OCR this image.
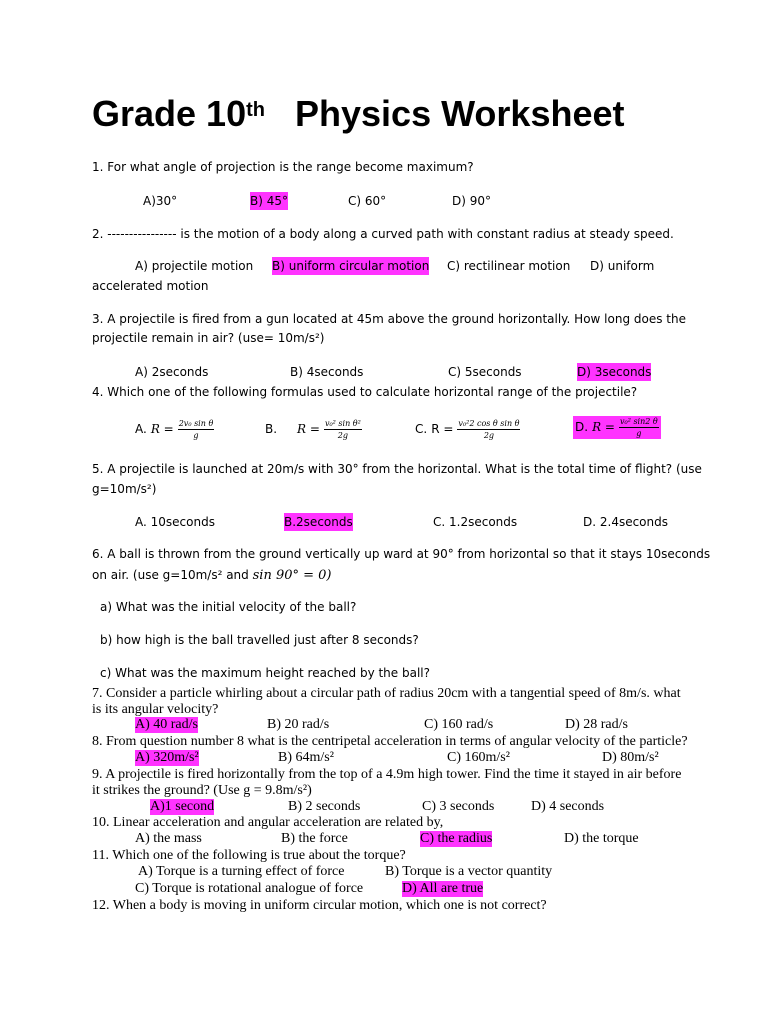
Grade 10th Physics Worksheet
1. For what angle of projection is the range become maximum?
A)30°	B) 45°	C) 60°	D) 90°
2. ---------------- is the motion of a body along a curved path with constant radius at steady speed.
A) projectile motion B) uniform circular motion C) rectilinear motion D) uniform
accelerated motion
3. A projectile is fired from a gun located at 45m above the ground horizontally. How long does the
projectile remain in air? (use= 10m/s²)
A) 2seconds	B) 4seconds	C) 5seconds	D) 3seconds
4. Which one of the following formulas used to calculate horizontal range of the projectile?
A. $R = \frac{\text{2v₀ sin θ}}{g}$	B. $R = \frac{\text{v₀² sin θ²}}{2g}$	C. $R = \frac{\text{v₀²2 cos θ sin θ}}{2g}$	D. $R = \frac{\text{v₀² sin2 θ}}{g}$
5. A projectile is launched at 20m/s with 30° from the horizontal. What is the total time of flight? (use
g=10m/s²)
A. 10seconds	B.2seconds	C. 1.2seconds	D. 2.4seconds
6. A ball is thrown from the ground vertically up ward at 90° from horizontal so that it stays 10seconds
on air. (use g=10m/s² and sin 90° = 0)
a) What was the initial velocity of the ball?
b) how high is the ball travelled just after 8 seconds?
c) What was the maximum height reached by the ball?
7. Consider a particle whirling about a circular path of radius 20cm with a tangential speed of 8m/s. what
is its angular velocity?
A) 40 rad/s	B) 20 rad/s	C) 160 rad/s	D) 28 rad/s
8. From question number 8 what is the centripetal acceleration in terms of angular velocity of the particle?
A) 320m/s²	B) 64m/s²	C) 160m/s²	D) 80m/s²
9. A projectile is fired horizontally from the top of a 4.9m high tower. Find the time it stayed in air before
it strikes the ground? (Use g = 9.8m/s²)
A)1 second	B) 2 seconds	C) 3 seconds	D) 4 seconds
10. Linear acceleration and angular acceleration are related by,
A) the mass	B) the force	C) the radius	D) the torque
11. Which one of the following is true about the torque?
A) Torque is a turning effect of force	B) Torque is a vector quantity
C) Torque is rotational analogue of force	D) All are true
12. When a body is moving in uniform circular motion, which one is not correct?
